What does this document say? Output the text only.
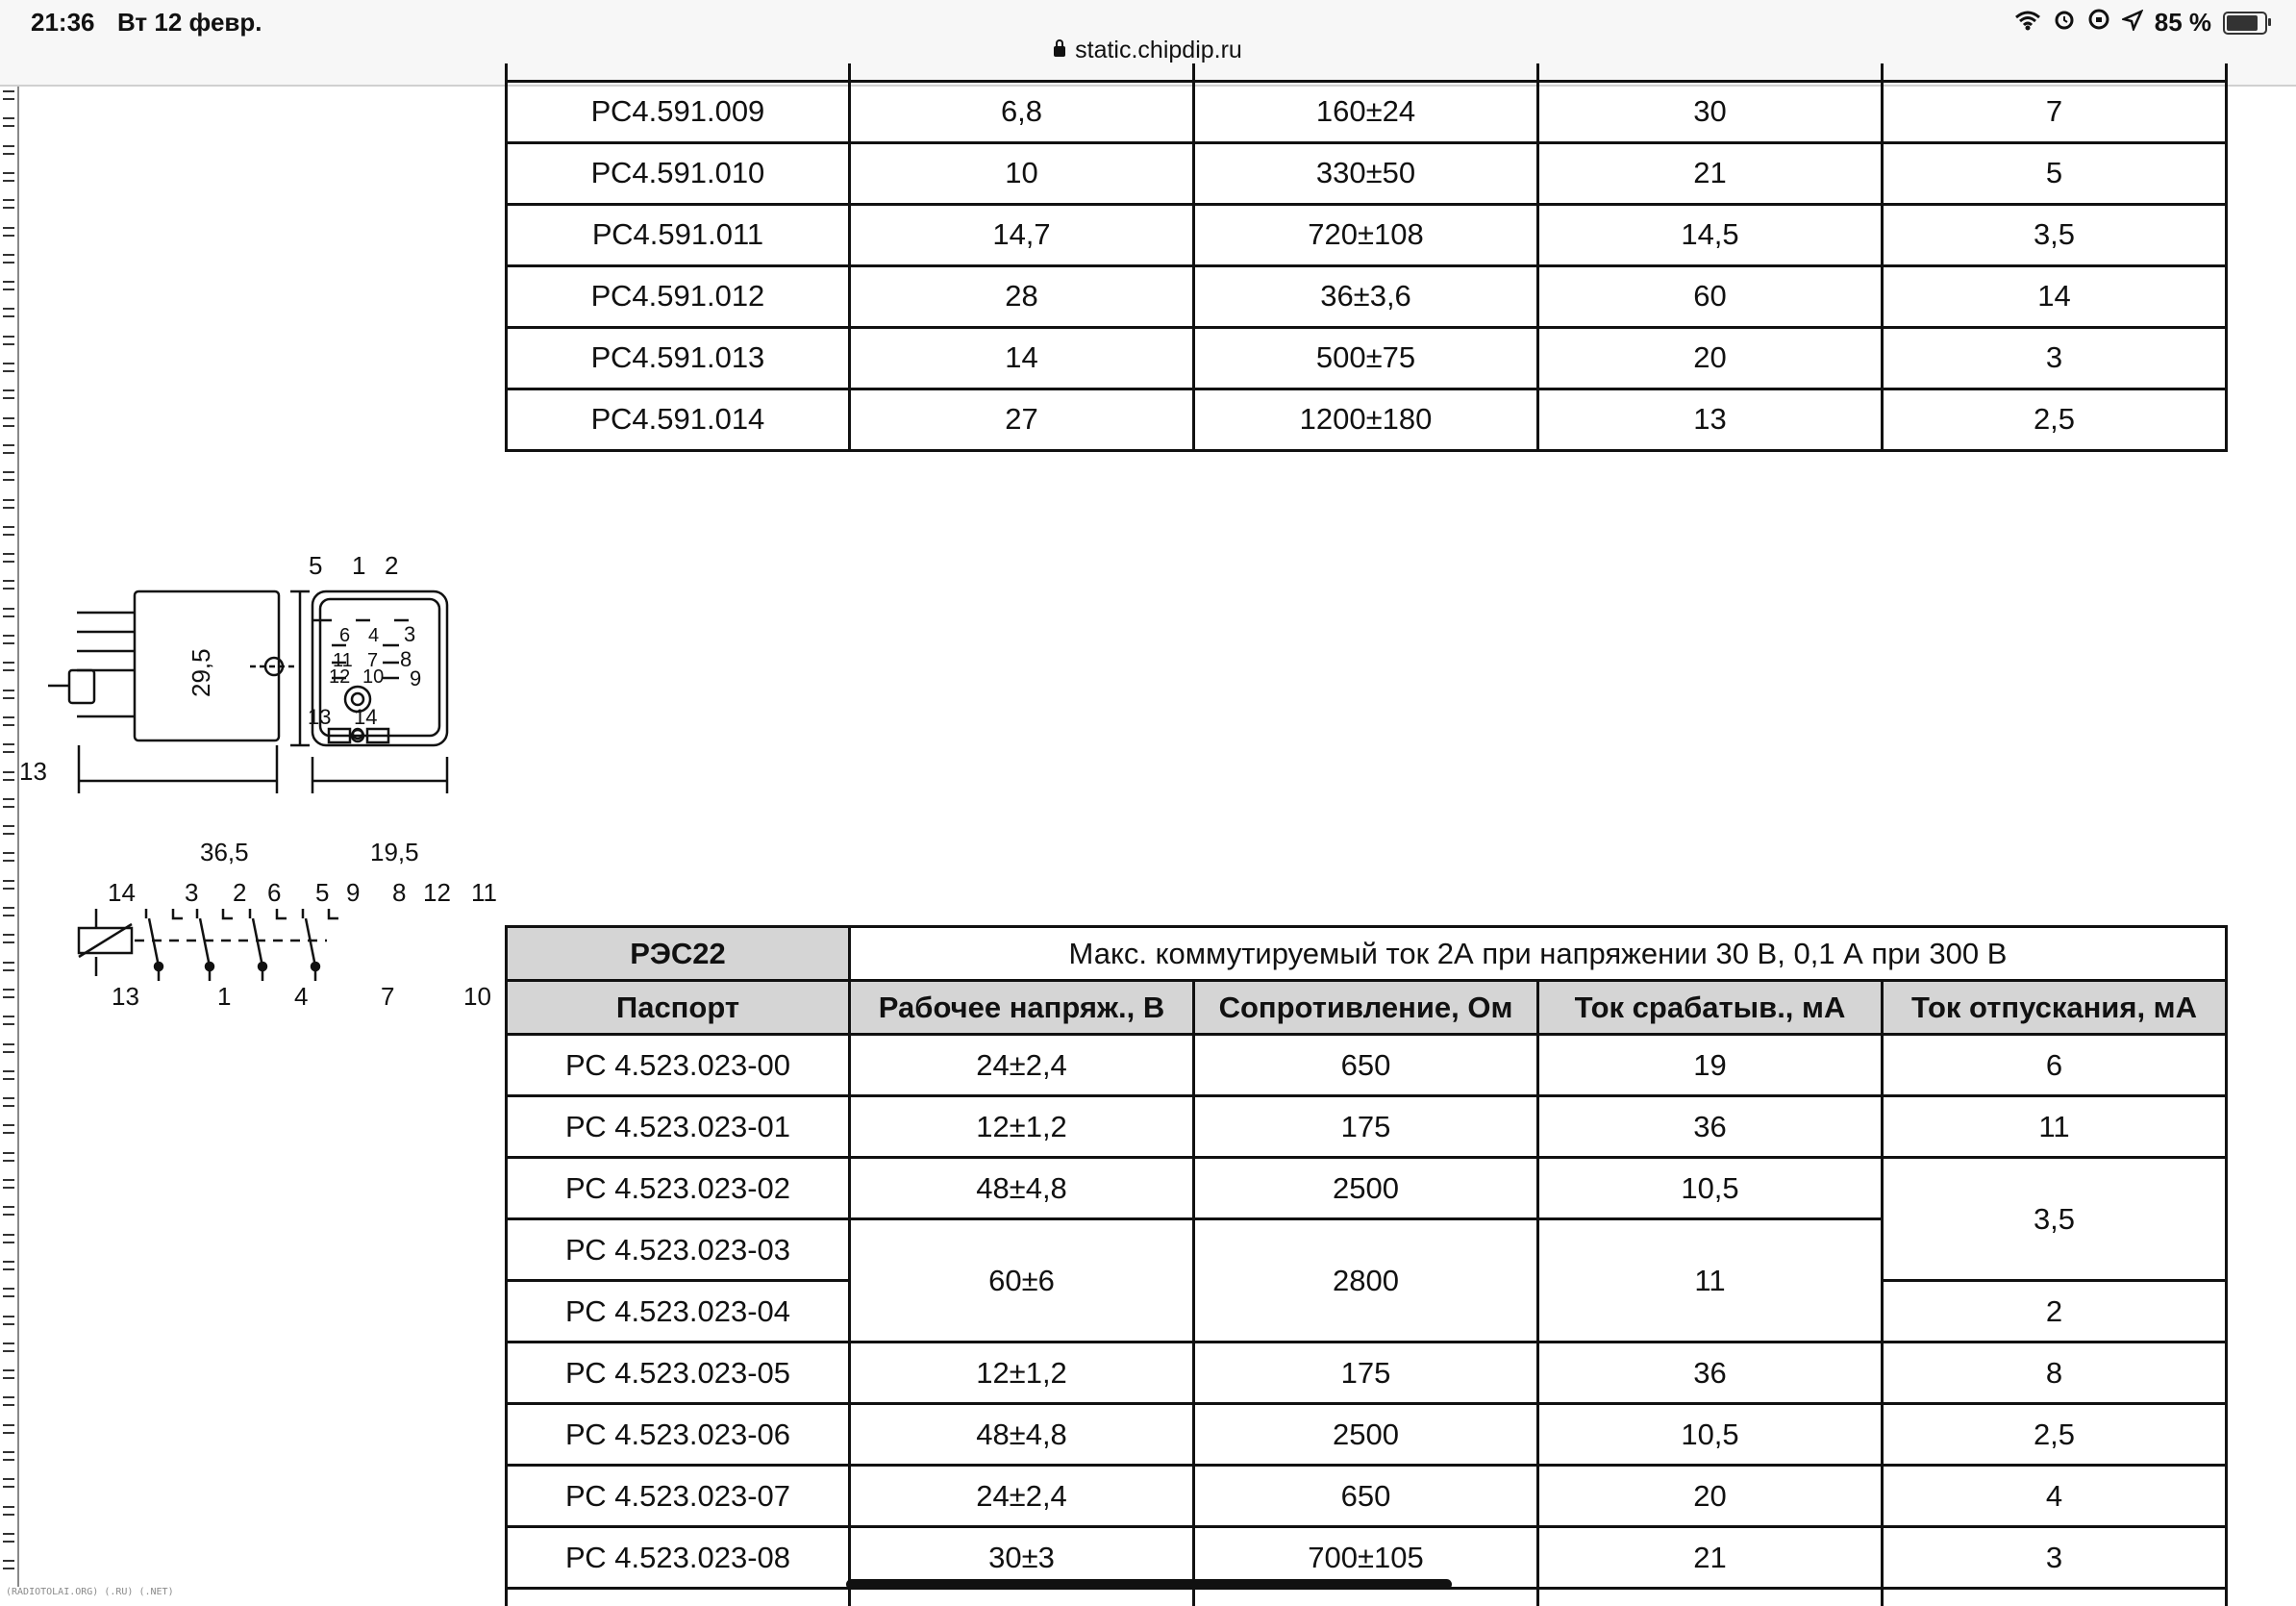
21:36 Вт 12 февр.
static.chipdip.ru
85 %

РС4.591.009	6,8	160±24	30	7
РС4.591.010	10	330±50	21	5
РС4.591.011	14,7	720±108	14,5	3,5
РС4.591.012	28	36±3,6	60	14
РС4.591.013	14	500±75	20	3
РС4.591.014	27	1200±180	13	2,5
5 1 2
6 4
11 7
12 10
3
8
9
13 14
13
29,5
36,5	19,5
14 3 2 6 5 9 8 12 11
13	1	4	7	10
РЭС22	Макс. коммутируемый ток 2А при напряжении 30 В, 0,1 А при 300 В			
Паспорт	Рабочее напряж., В	Сопротивление, Ом	Ток срабатыв., мА	Ток отпускания, мА
РС 4.523.023-00	24±2,4	650	19	6
РС 4.523.023-01	12±1,2	175	36	11
РС 4.523.023-02	48±4,8	2500	10,5	3,5
РС 4.523.023-03	60±6	2800	11	
РС 4.523.023-04				2
РС 4.523.023-05	12±1,2	175	36	8
РС 4.523.023-06	48±4,8	2500	10,5	2,5
РС 4.523.023-07	24±2,4	650	20	4
РС 4.523.023-08	30±3	700±105	21	3

(RADIOTOLAI.ORG) (.RU) (.NET)
